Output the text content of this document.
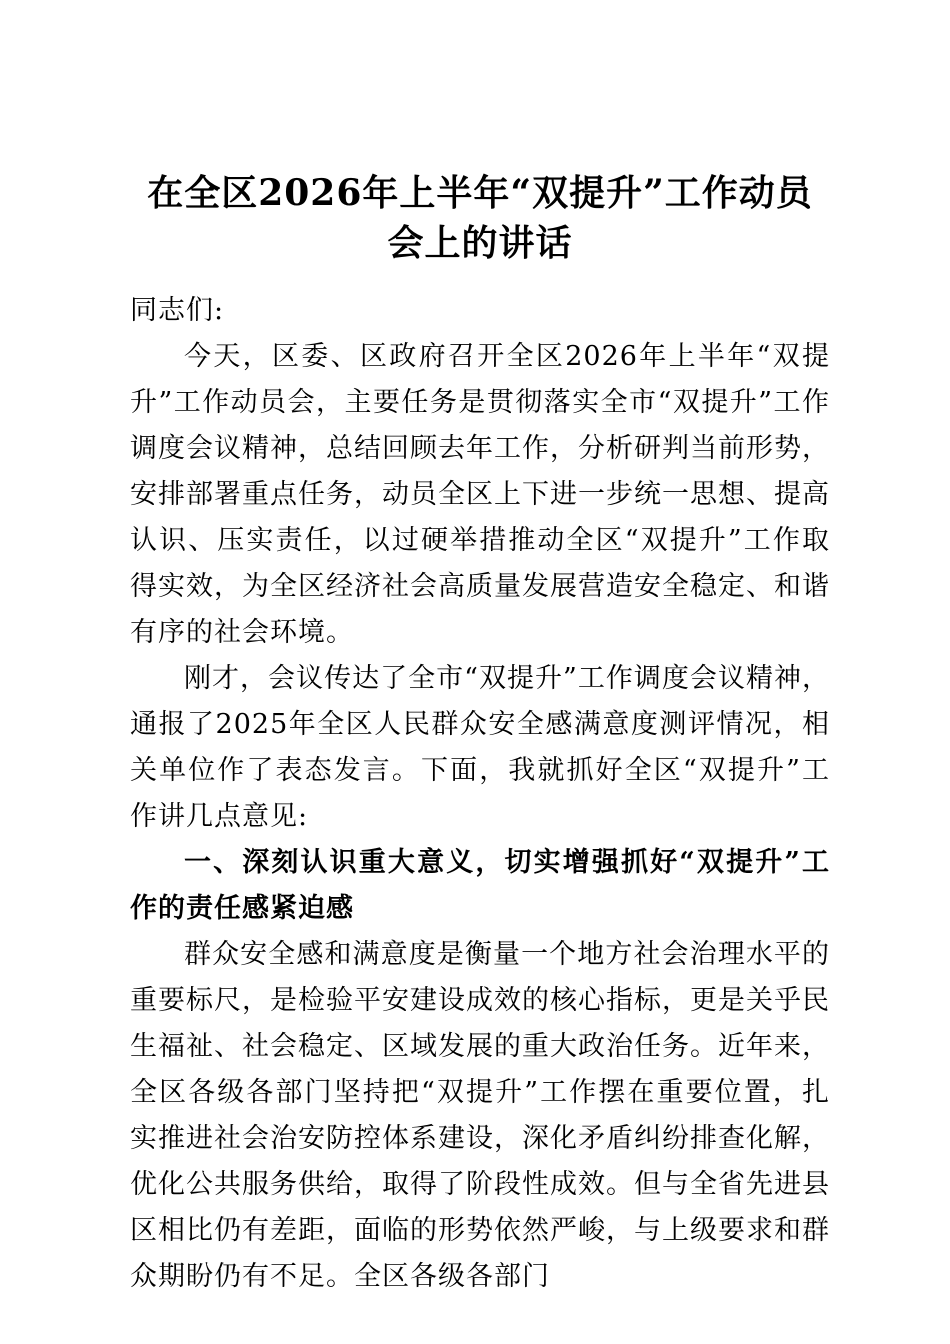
在全区2026年上半年“双提升”工作动员会上的讲话

同志们:

今天，区委、区政府召开全区2026年上半年“双提升”工作动员会，主要任务是贯彻落实全市“双提升”工作调度会议精神，总结回顾去年工作，分析研判当前形势，安排部署重点任务，动员全区上下进一步统一思想、提高认识、压实责任，以过硬举措推动全区“双提升”工作取得实效，为全区经济社会高质量发展营造安全稳定、和谐有序的社会环境。

刚才，会议传达了全市“双提升”工作调度会议精神，通报了2025年全区人民群众安全感满意度测评情况，相关单位作了表态发言。下面，我就抓好全区“双提升”工作讲几点意见:

一、深刻认识重大意义，切实增强抓好“双提升”工作的责任感紧迫感

群众安全感和满意度是衡量一个地方社会治理水平的重要标尺，是检验平安建设成效的核心指标，更是关乎民生福祉、社会稳定、区域发展的重大政治任务。近年来，全区各级各部门坚持把“双提升”工作摆在重要位置，扎实推进社会治安防控体系建设，深化矛盾纠纷排查化解，优化公共服务供给，取得了阶段性成效。但与全省先进县区相比仍有差距，面临的形势依然严峻，与上级要求和群众期盼仍有不足。全区各级各部门
